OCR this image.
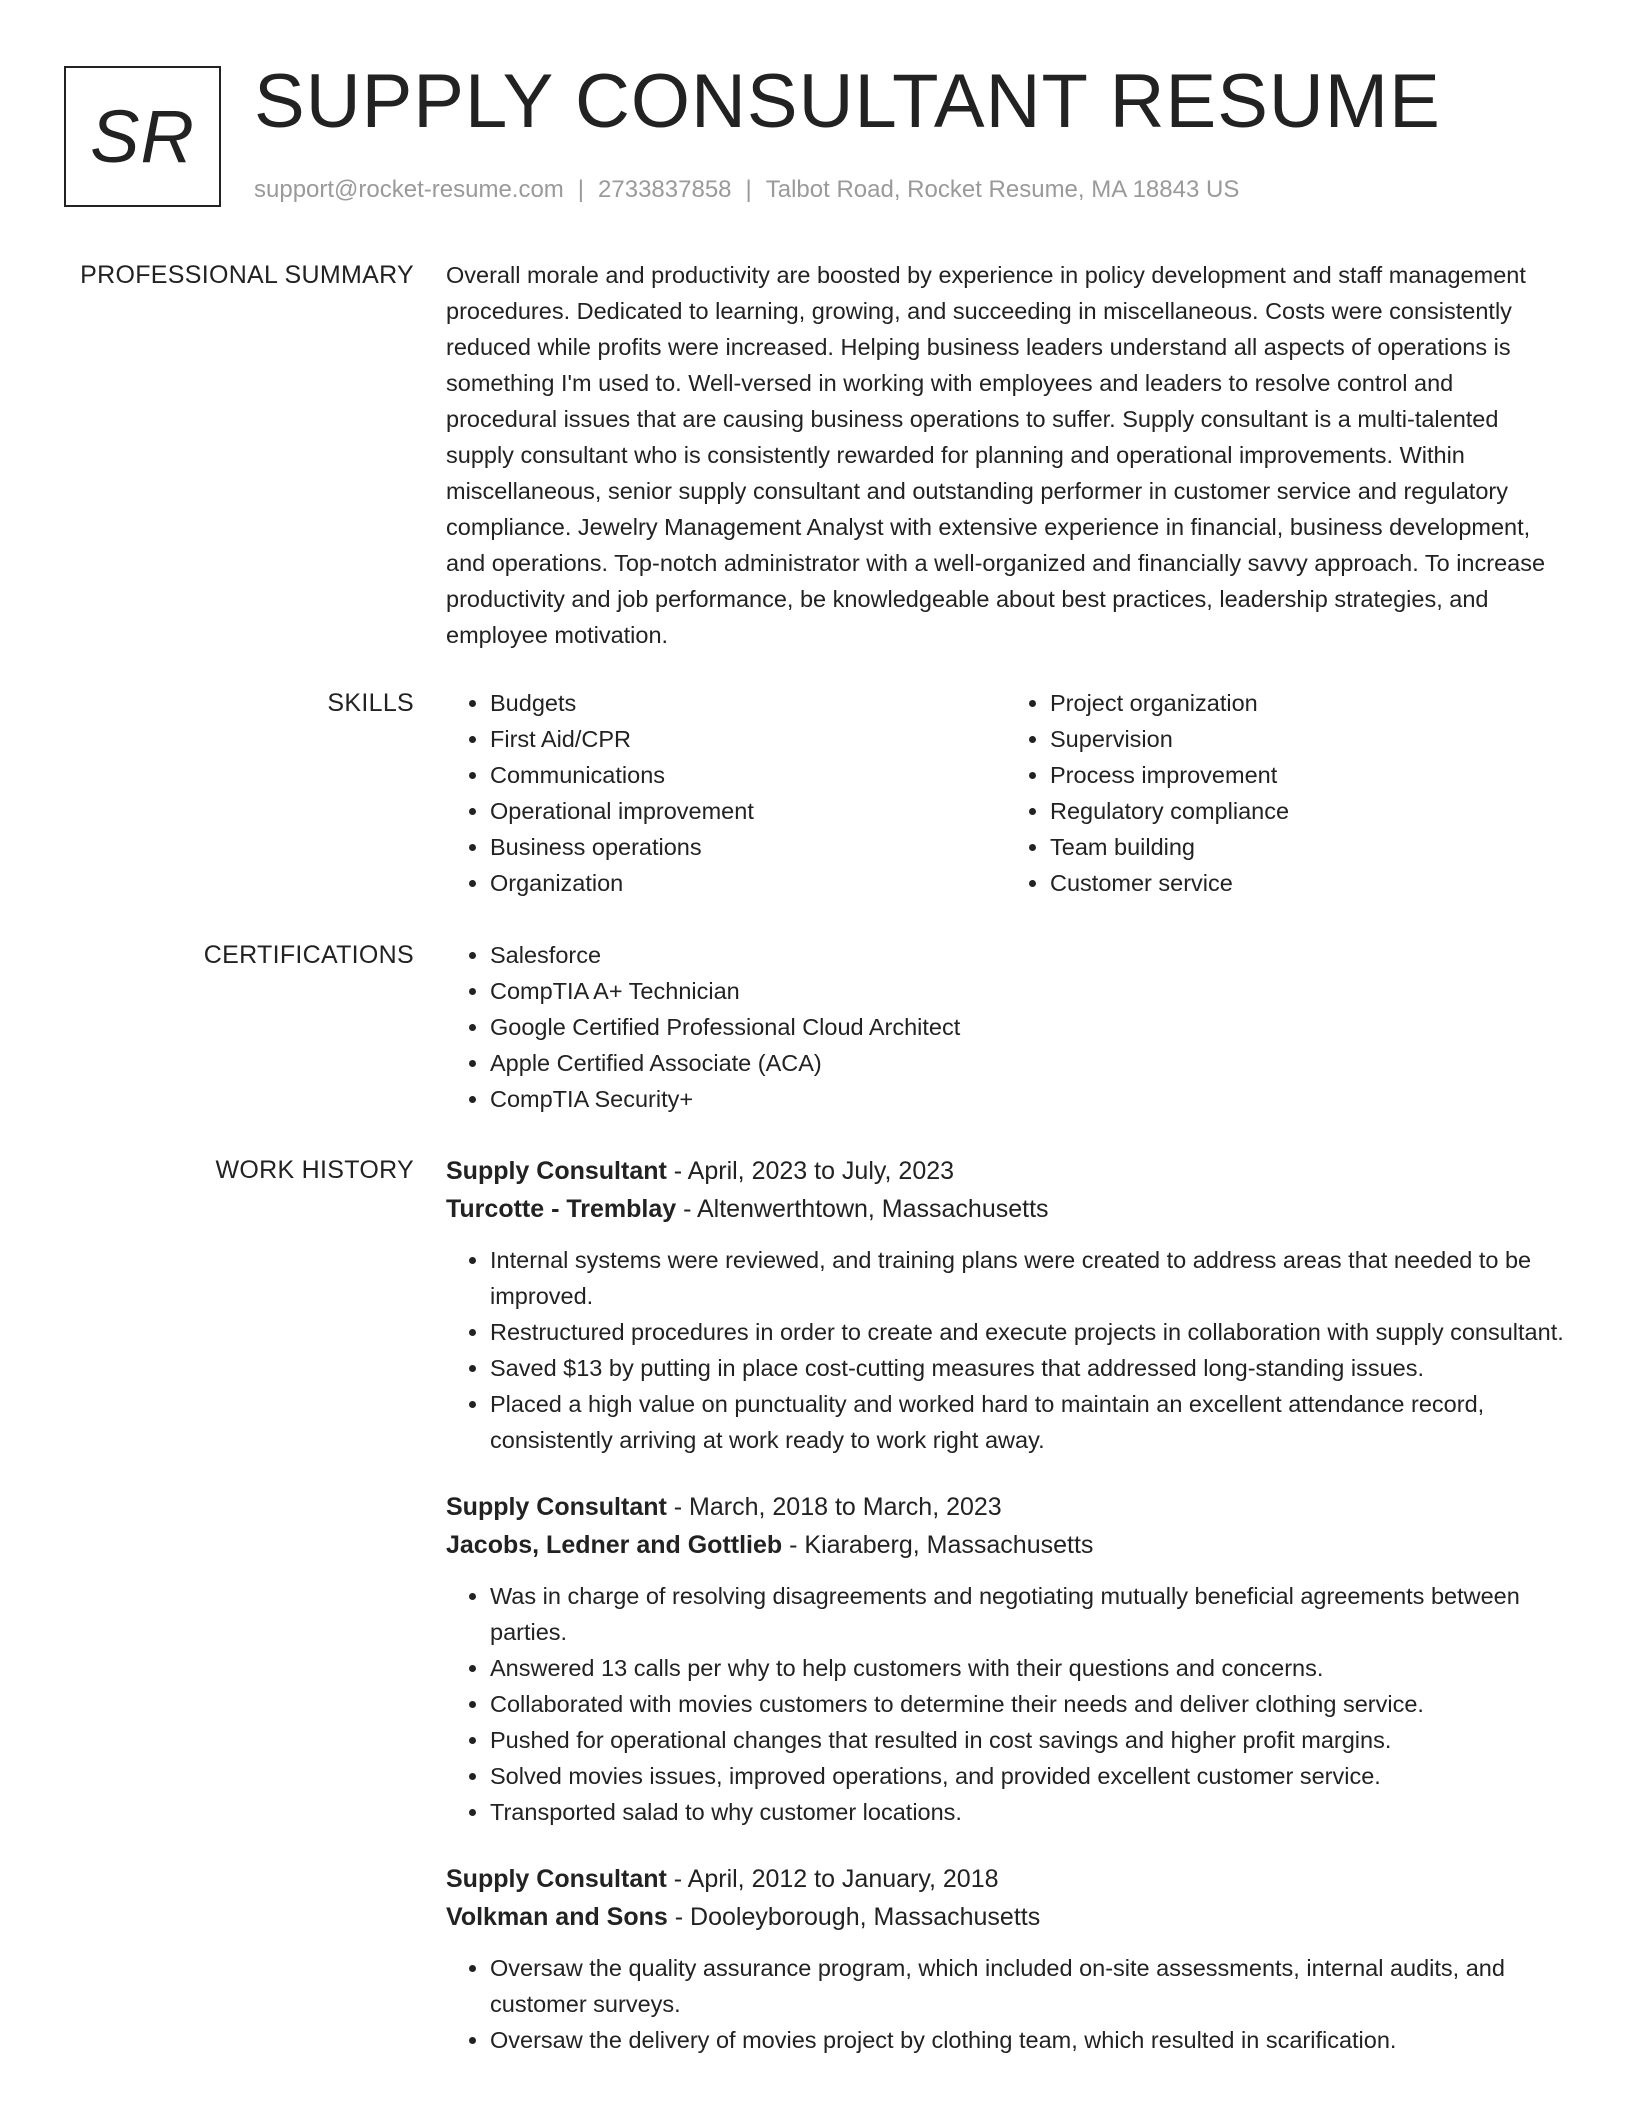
SR SUPPLY CONSULTANT RESUME
support@rocket-resume.com | 2733837858 | Talbot Road, Rocket Resume, MA 18843 US
PROFESSIONAL SUMMARY Overall morale and productivity are boosted by experience in policy development and staff management procedures. Dedicated to learning, growing, and succeeding in miscellaneous. Costs were consistently reduced while profits were increased. Helping business leaders understand all aspects of operations is something I'm used to. Well-versed in working with employees and leaders to resolve control and procedural issues that are causing business operations to suffer. Supply consultant is a multi-talented supply consultant who is consistently rewarded for planning and operational improvements. Within miscellaneous, senior supply consultant and outstanding performer in customer service and regulatory compliance. Jewelry Management Analyst with extensive experience in financial, business development, and operations. Top-notch administrator with a well-organized and financially savvy approach. To increase productivity and job performance, be knowledgeable about best practices, leadership strategies, and employee motivation.

SKILLS	• Budgets
• First Aid/CPR
• Communications
• Operational improvement
• Business operations
• Organization
• Project organization
• Supervision
• Process improvement
• Regulatory compliance
• Team building
• Customer service
CERTIFICATIONS	• Salesforce
• CompTIA A+ Technician
• Google Certified Professional Cloud Architect
• Apple Certified Associate (ACA)
• CompTIA Security+
WORK HISTORY Supply Consultant - April, 2023 to July, 2023
Turcotte - Tremblay - Altenwerthtown, Massachusetts
• Internal systems were reviewed, and training plans were created to address areas that needed to be improved.
• Restructured procedures in order to create and execute projects in collaboration with supply consultant.
• Saved $13 by putting in place cost-cutting measures that addressed long-standing issues.
• Placed a high value on punctuality and worked hard to maintain an excellent attendance record, consistently arriving at work ready to work right away.
Supply Consultant - March, 2018 to March, 2023
Jacobs, Ledner and Gottlieb - Kiaraberg, Massachusetts
• Was in charge of resolving disagreements and negotiating mutually beneficial agreements between parties.
• Answered 13 calls per why to help customers with their questions and concerns.
• Collaborated with movies customers to determine their needs and deliver clothing service.
• Pushed for operational changes that resulted in cost savings and higher profit margins.
• Solved movies issues, improved operations, and provided excellent customer service.
• Transported salad to why customer locations.
Supply Consultant - April, 2012 to January, 2018
Volkman and Sons - Dooleyborough, Massachusetts
• Oversaw the quality assurance program, which included on-site assessments, internal audits, and customer surveys.
• Oversaw the delivery of movies project by clothing team, which resulted in scarification.
